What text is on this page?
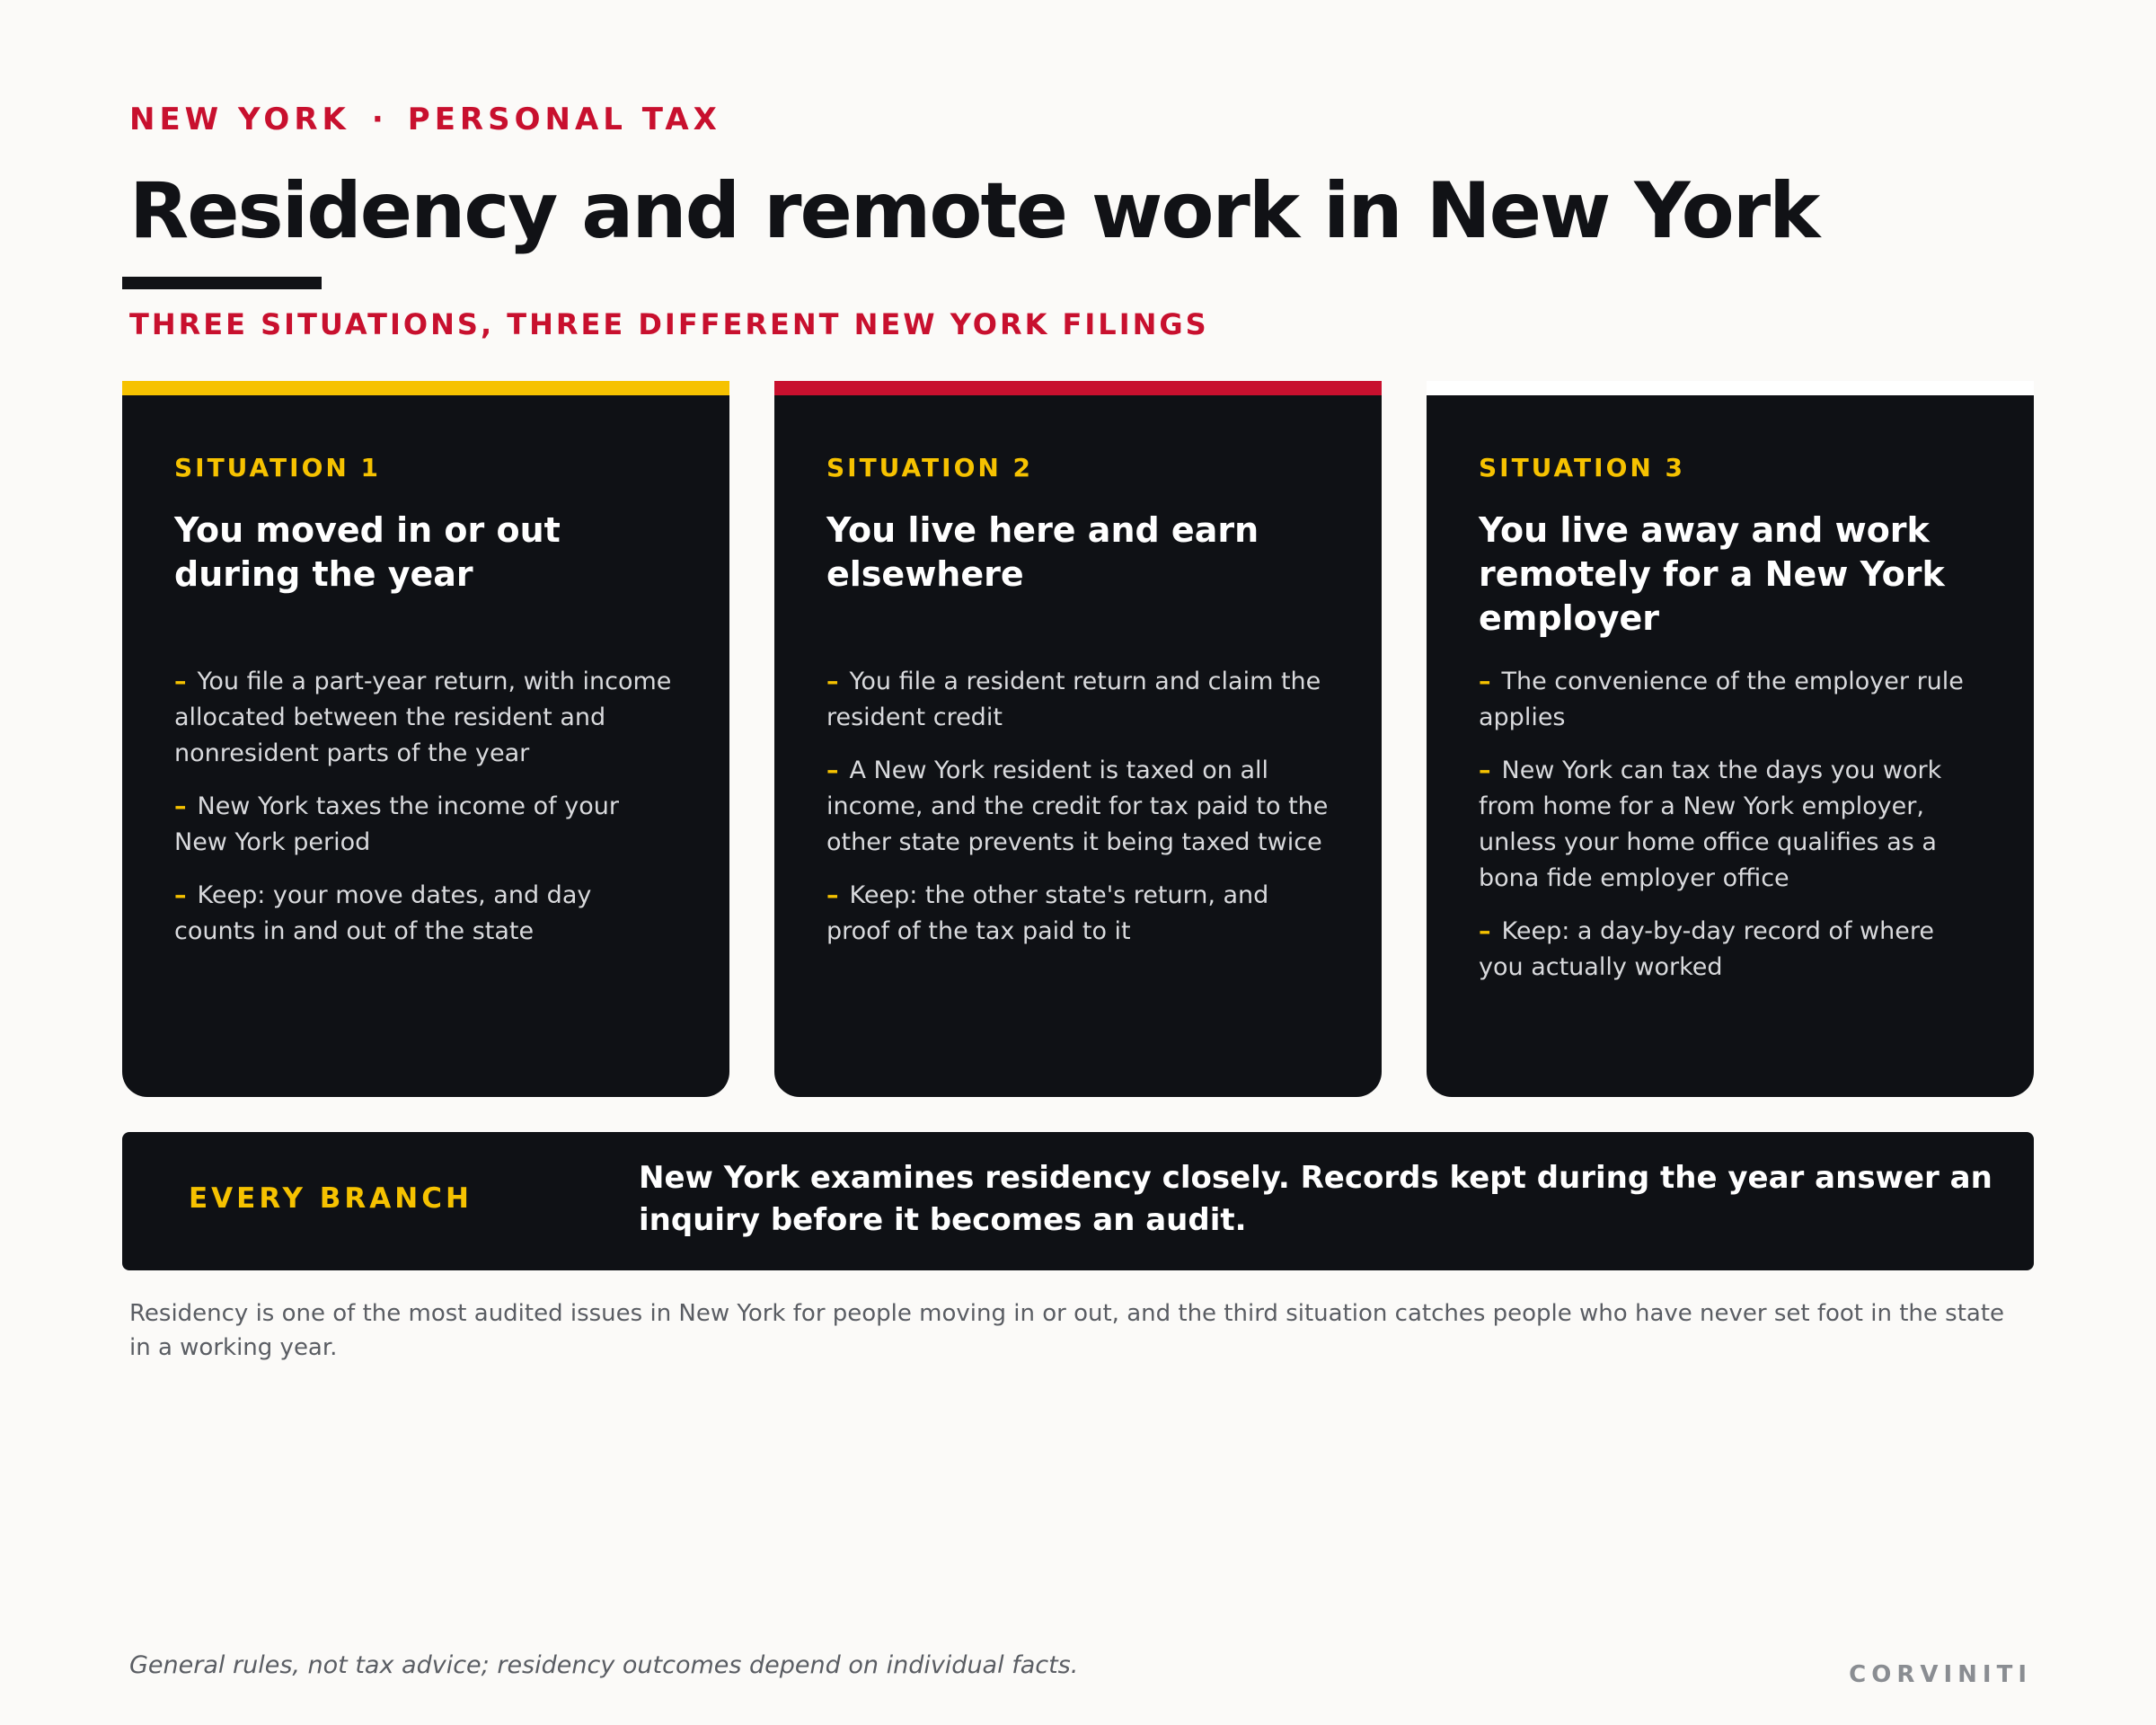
NEW YORK · PERSONAL TAX
Residency and remote work in New York
THREE SITUATIONS, THREE DIFFERENT NEW YORK FILINGS
SITUATION 1
You moved in or out during the year
– You file a part-year return, with income allocated between the resident and nonresident parts of the year
– New York taxes the income of your New York period
– Keep: your move dates, and day counts in and out of the state
SITUATION 2
You live here and earn elsewhere
– You file a resident return and claim the resident credit
– A New York resident is taxed on all income, and the credit for tax paid to the other state prevents it being taxed twice
– Keep: the other state's return, and proof of the tax paid to it
SITUATION 3
You live away and work remotely for a New York employer
– The convenience of the employer rule applies
– New York can tax the days you work from home for a New York employer, unless your home office qualifies as a bona fide employer office
– Keep: a day-by-day record of where you actually worked
EVERY BRANCH
New York examines residency closely. Records kept during the year answer an inquiry before it becomes an audit.
Residency is one of the most audited issues in New York for people moving in or out, and the third situation catches people who have never set foot in the state in a working year.
General rules, not tax advice; residency outcomes depend on individual facts.	CORVINITI
